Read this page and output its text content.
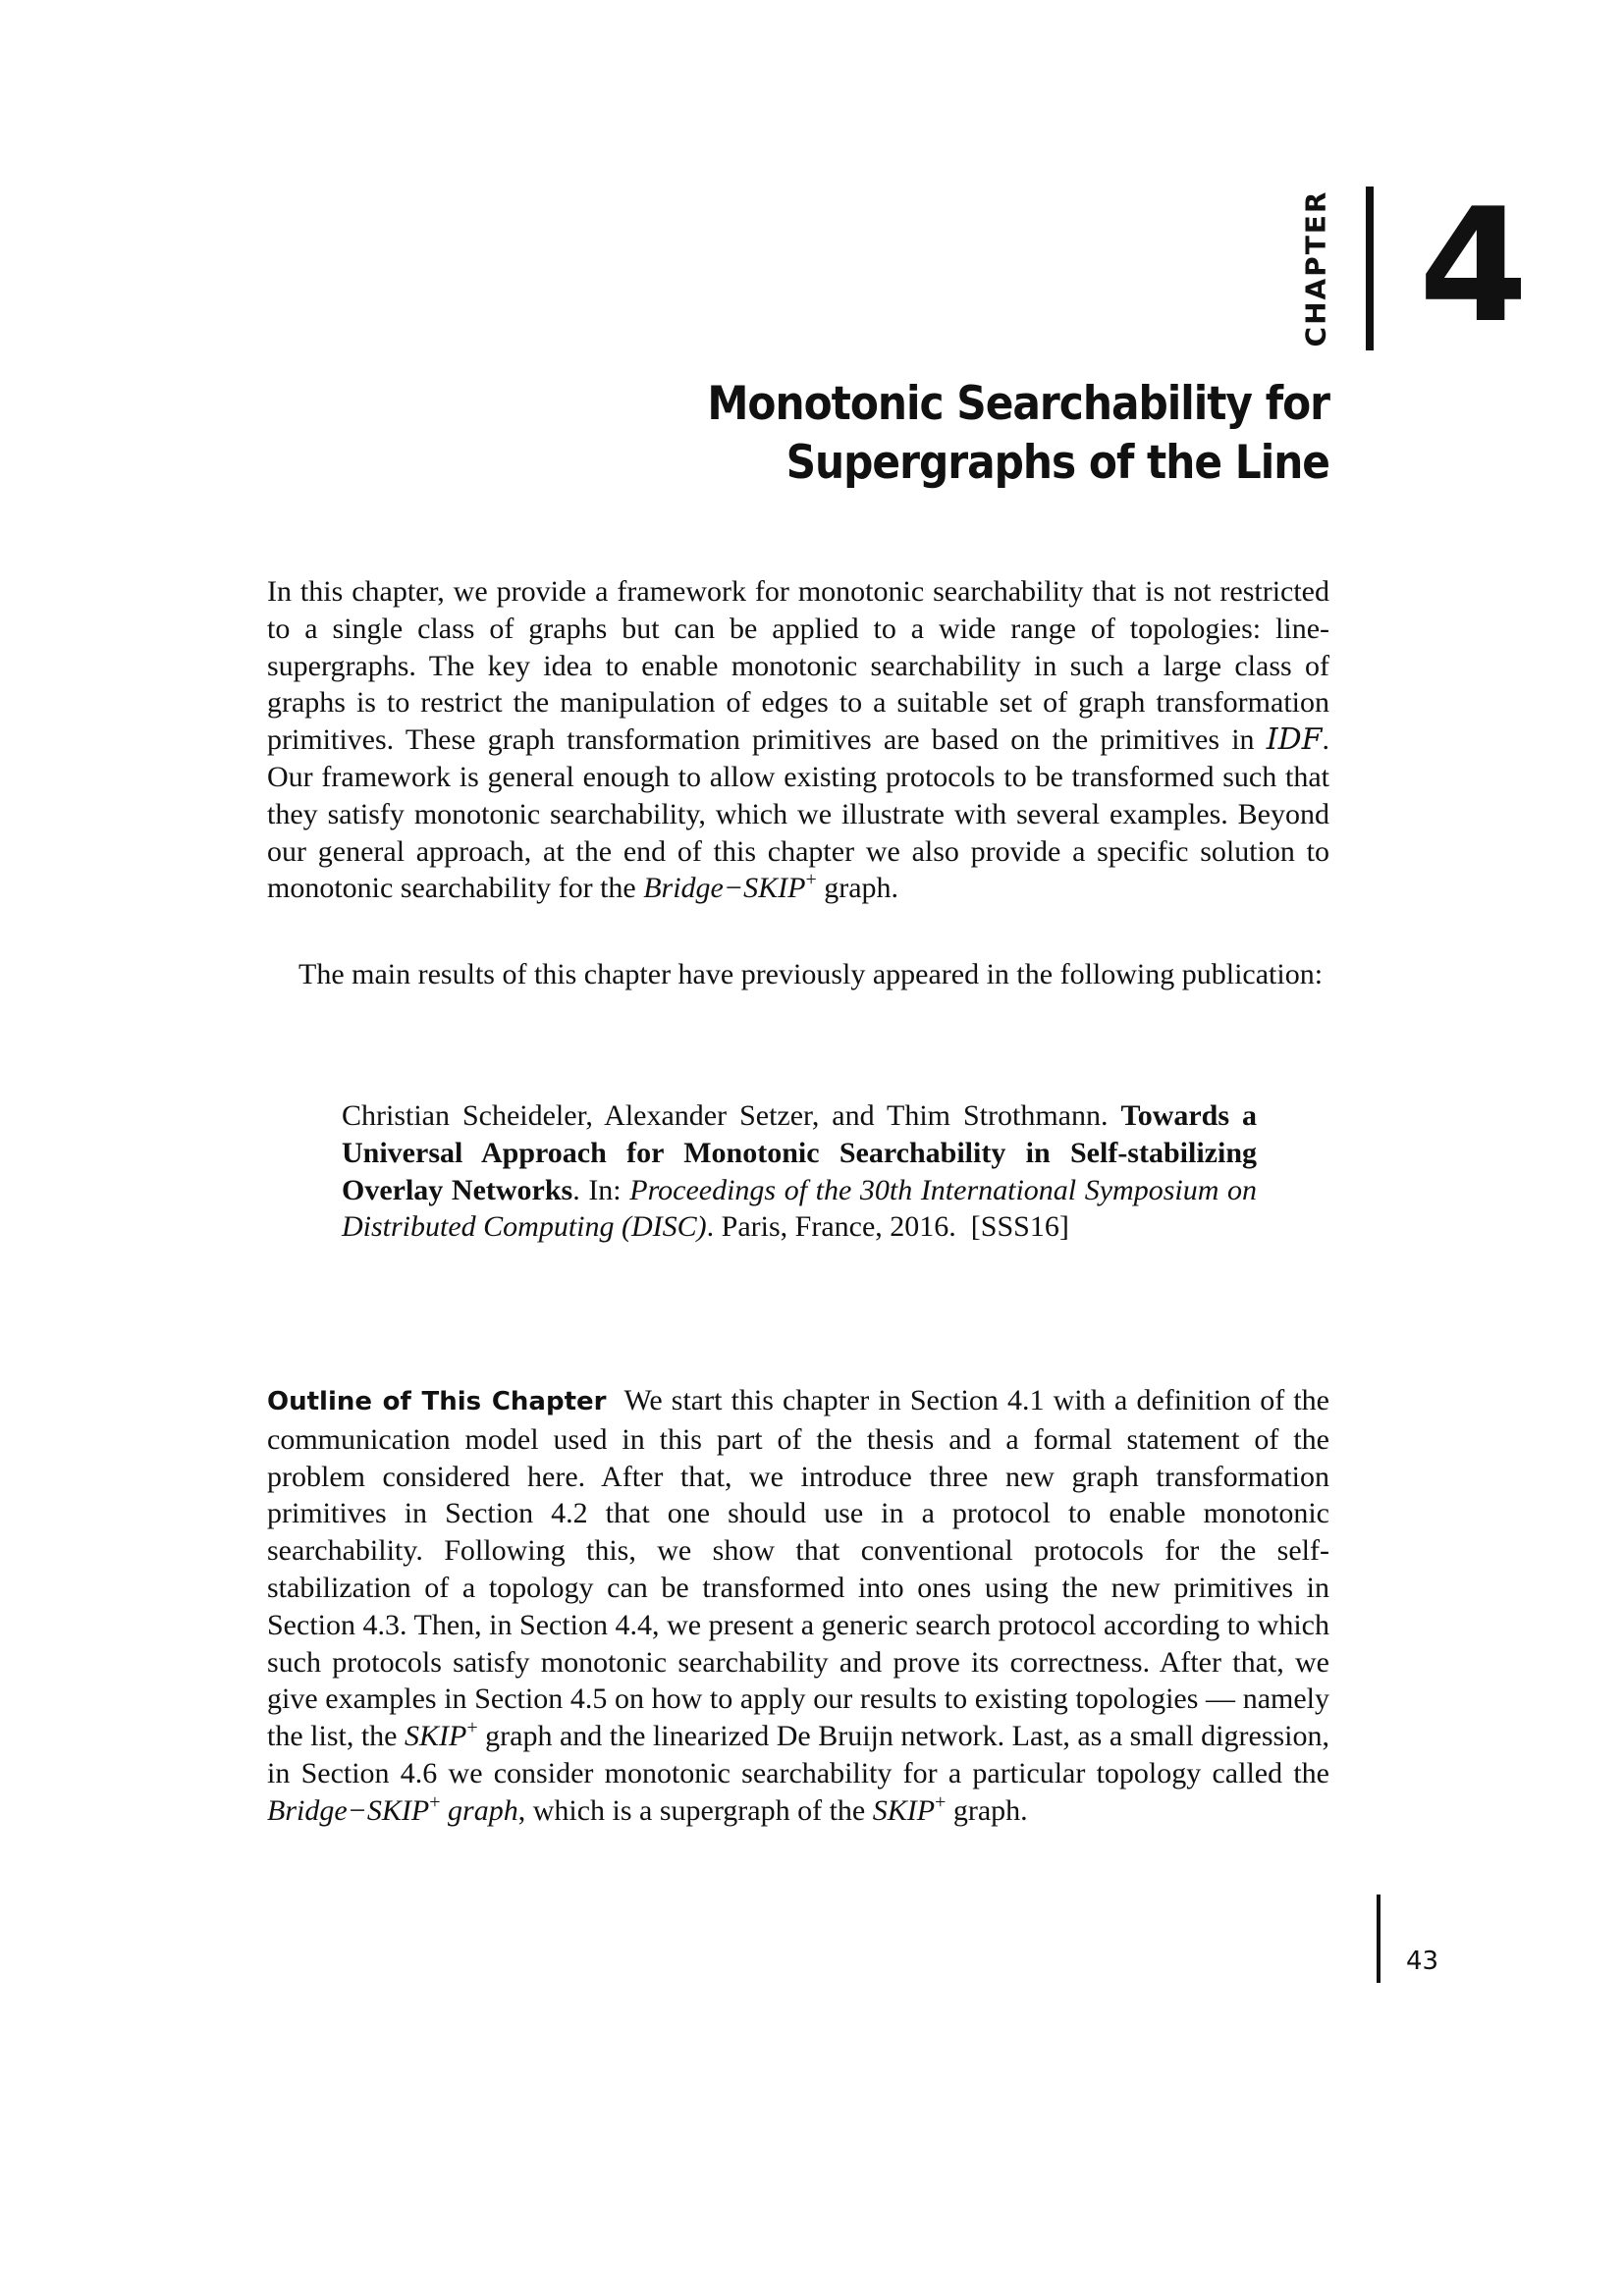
CHAPTER 4
Monotonic Searchability for
Supergraphs of the Line

In this chapter, we provide a framework for monotonic searchability that is not restricted to a single class of graphs but can be applied to a wide range of topologies: line-supergraphs. The key idea to enable monotonic searchability in such a large class of graphs is to restrict the manipulation of edges to a suitable set of graph transformation primitives. These graph transformation primitives are based on the primitives in IDF. Our framework is general enough to allow existing protocols to be transformed such that they satisfy monotonic searchability, which we illustrate with several examples. Beyond our general approach, at the end of this chapter we also provide a specific solution to monotonic searchability for the Bridge−SKIP+ graph.

The main results of this chapter have previously appeared in the following publication:

Christian Scheideler, Alexander Setzer, and Thim Strothmann. Towards a Universal Approach for Monotonic Searchability in Self-stabilizing Overlay Networks. In: Proceedings of the 30th International Symposium on Distributed Computing (DISC). Paris, France, 2016. [SSS16]

Outline of This Chapter We start this chapter in Section 4.1 with a definition of the communication model used in this part of the thesis and a formal statement of the problem considered here. After that, we introduce three new graph transformation primitives in Section 4.2 that one should use in a protocol to enable monotonic searchability. Following this, we show that conventional protocols for the self-stabilization of a topology can be transformed into ones using the new primitives in Section 4.3. Then, in Section 4.4, we present a generic search protocol according to which such protocols satisfy monotonic searchability and prove its correctness. After that, we give examples in Section 4.5 on how to apply our results to existing topologies — namely the list, the SKIP+ graph and the linearized De Bruijn network. Last, as a small digression, in Section 4.6 we consider monotonic searchability for a particular topology called the Bridge−SKIP+ graph, which is a supergraph of the SKIP+ graph.

43
